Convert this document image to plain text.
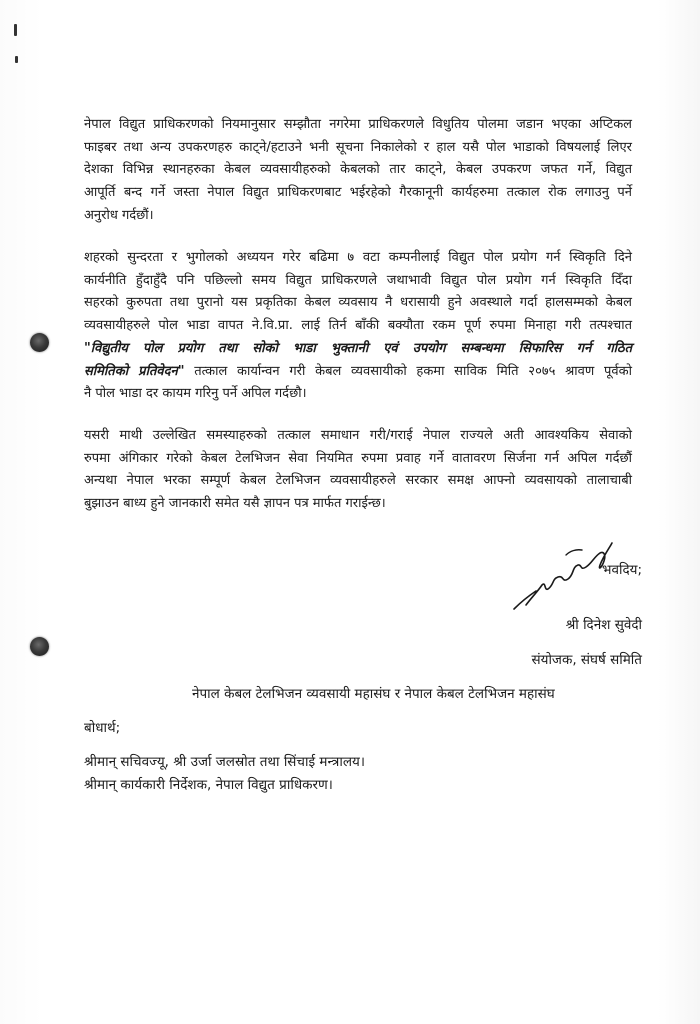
नेपाल विद्युत प्राधिकरणको नियमानुसार सम्झौता नगरेमा प्राधिकरणले विधुतिय पोलमा जडान भएका अप्टिकल
फाइबर तथा अन्य उपकरणहरु काट्ने/हटाउने भनी सूचना निकालेको र हाल यसै पोल भाडाको विषयलाई लिएर
देशका विभिन्न स्थानहरुका केबल व्यवसायीहरुको केबलको तार काट्ने, केबल उपकरण जफत गर्ने, विद्युत
आपूर्ति बन्द गर्ने जस्ता नेपाल विद्युत प्राधिकरणबाट भईरहेको गैरकानूनी कार्यहरुमा तत्काल रोक लगाउनु पर्ने
अनुरोध गर्दछौं।

शहरको सुन्दरता र भुगोलको अध्ययन गरेर बढिमा ७ वटा कम्पनीलाई विद्युत पोल प्रयोग गर्न स्विकृति दिने
कार्यनीति हुँदाहुँदै पनि पछिल्लो समय विद्युत प्राधिकरणले जथाभावी विद्युत पोल प्रयोग गर्न स्विकृति दिँदा
सहरको कुरुपता तथा पुरानो यस प्रकृतिका केबल व्यवसाय नै धरासायी हुने अवस्थाले गर्दा हालसम्मको केबल
व्यवसायीहरुले पोल भाडा वापत ने.वि.प्रा. लाई तिर्न बाँकी बक्यौता रकम पूर्ण रुपमा मिनाहा गरी तत्पश्चात
"विद्युतीय पोल प्रयोग तथा सोको भाडा भुक्तानी एवं उपयोग सम्बन्धमा सिफारिस गर्न गठित
समितिको प्रतिवेदन" तत्काल कार्यान्वन गरी केबल व्यवसायीको हकमा साविक मिति २०७५ श्रावण पूर्वको
नै पोल भाडा दर कायम गरिनु पर्ने अपिल गर्दछौ।

यसरी माथी उल्लेखित समस्याहरुको तत्काल समाधान गरी/गराई नेपाल राज्यले अती आवश्यकिय सेवाको
रुपमा अंगिकार गरेको केबल टेलभिजन सेवा नियमित रुपमा प्रवाह गर्ने वातावरण सिर्जना गर्न अपिल गर्दछौं
अन्यथा नेपाल भरका सम्पूर्ण केबल टेलभिजन व्यवसायीहरुले सरकार समक्ष आफ्नो व्यवसायको तालाचाबी
बुझाउन बाध्य हुने जानकारी समेत यसै ज्ञापन पत्र मार्फत गराईन्छ।

भवदिय;
श्री दिनेश सुवेदी
संयोजक, संघर्ष समिति
नेपाल केबल टेलभिजन व्यवसायी महासंघ र नेपाल केबल टेलभिजन महासंघ
बोधार्थ;
श्रीमान् सचिवज्यू, श्री उर्जा जलस्रोत तथा सिंचाई मन्त्रालय।
श्रीमान् कार्यकारी निर्देशक, नेपाल विद्युत प्राधिकरण।
